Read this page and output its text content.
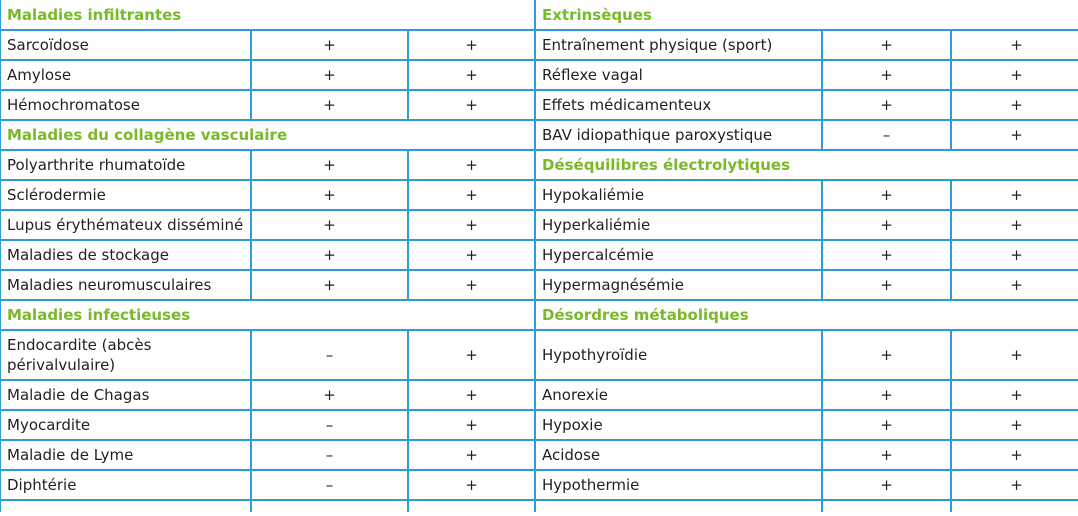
Maladies infiltrantes			Extrinsèques		
Sarcoïdose	+	+	Entraînement physique (sport)	+	+
Amylose	+	+	Réflexe vagal	+	+
Hémochromatose	+	+	Effets médicamenteux	+	+
Maladies du collagène vasculaire			BAV idiopathique paroxystique	–	+
Polyarthrite rhumatoïde	+	+	Déséquilibres électrolytiques		
Sclérodermie	+	+	Hypokaliémie	+	+
Lupus érythémateux disséminé	+	+	Hyperkaliémie	+	+
Maladies de stockage	+	+	Hypercalcémie	+	+
Maladies neuromusculaires	+	+	Hypermagnésémie	+	+
Maladies infectieuses			Désordres métaboliques		
Endocardite (abcès périvalvulaire)	–	+	Hypothyroïdie	+	+
Maladie de Chagas	+	+	Anorexie	+	+
Myocardite	–	+	Hypoxie	+	+
Maladie de Lyme	–	+	Acidose	+	+
Diphtérie	–	+	Hypothermie	+	+
